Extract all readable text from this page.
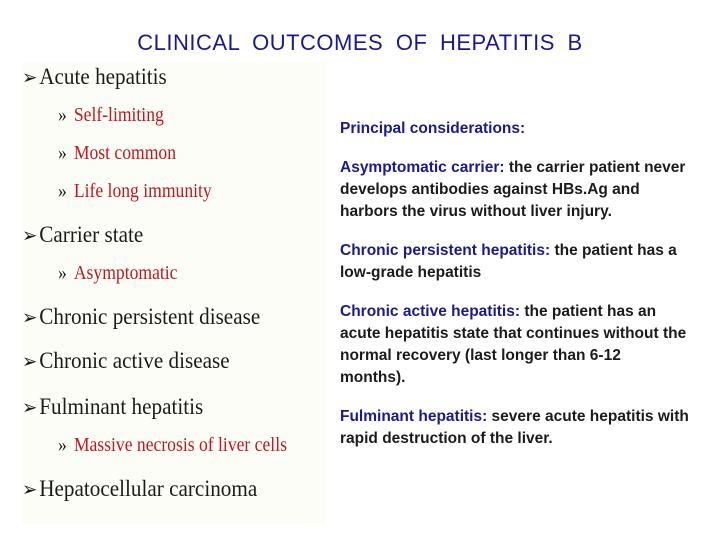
CLINICAL OUTCOMES OF HEPATITIS B
➢Acute hepatitis
» Self-limiting
» Most common
» Life long immunity
➢Carrier state
» Asymptomatic
➢Chronic persistent disease
➢Chronic active disease
➢Fulminant hepatitis
» Massive necrosis of liver cells
➢Hepatocellular carcinoma

Principal considerations:

Asymptomatic carrier: the carrier patient never develops antibodies against HBs.Ag and harbors the virus without liver injury.

Chronic persistent hepatitis: the patient has a low-grade hepatitis

Chronic active hepatitis: the patient has an acute hepatitis state that continues without the normal recovery (last longer than 6-12 months).

Fulminant hepatitis: severe acute hepatitis with rapid destruction of the liver.
